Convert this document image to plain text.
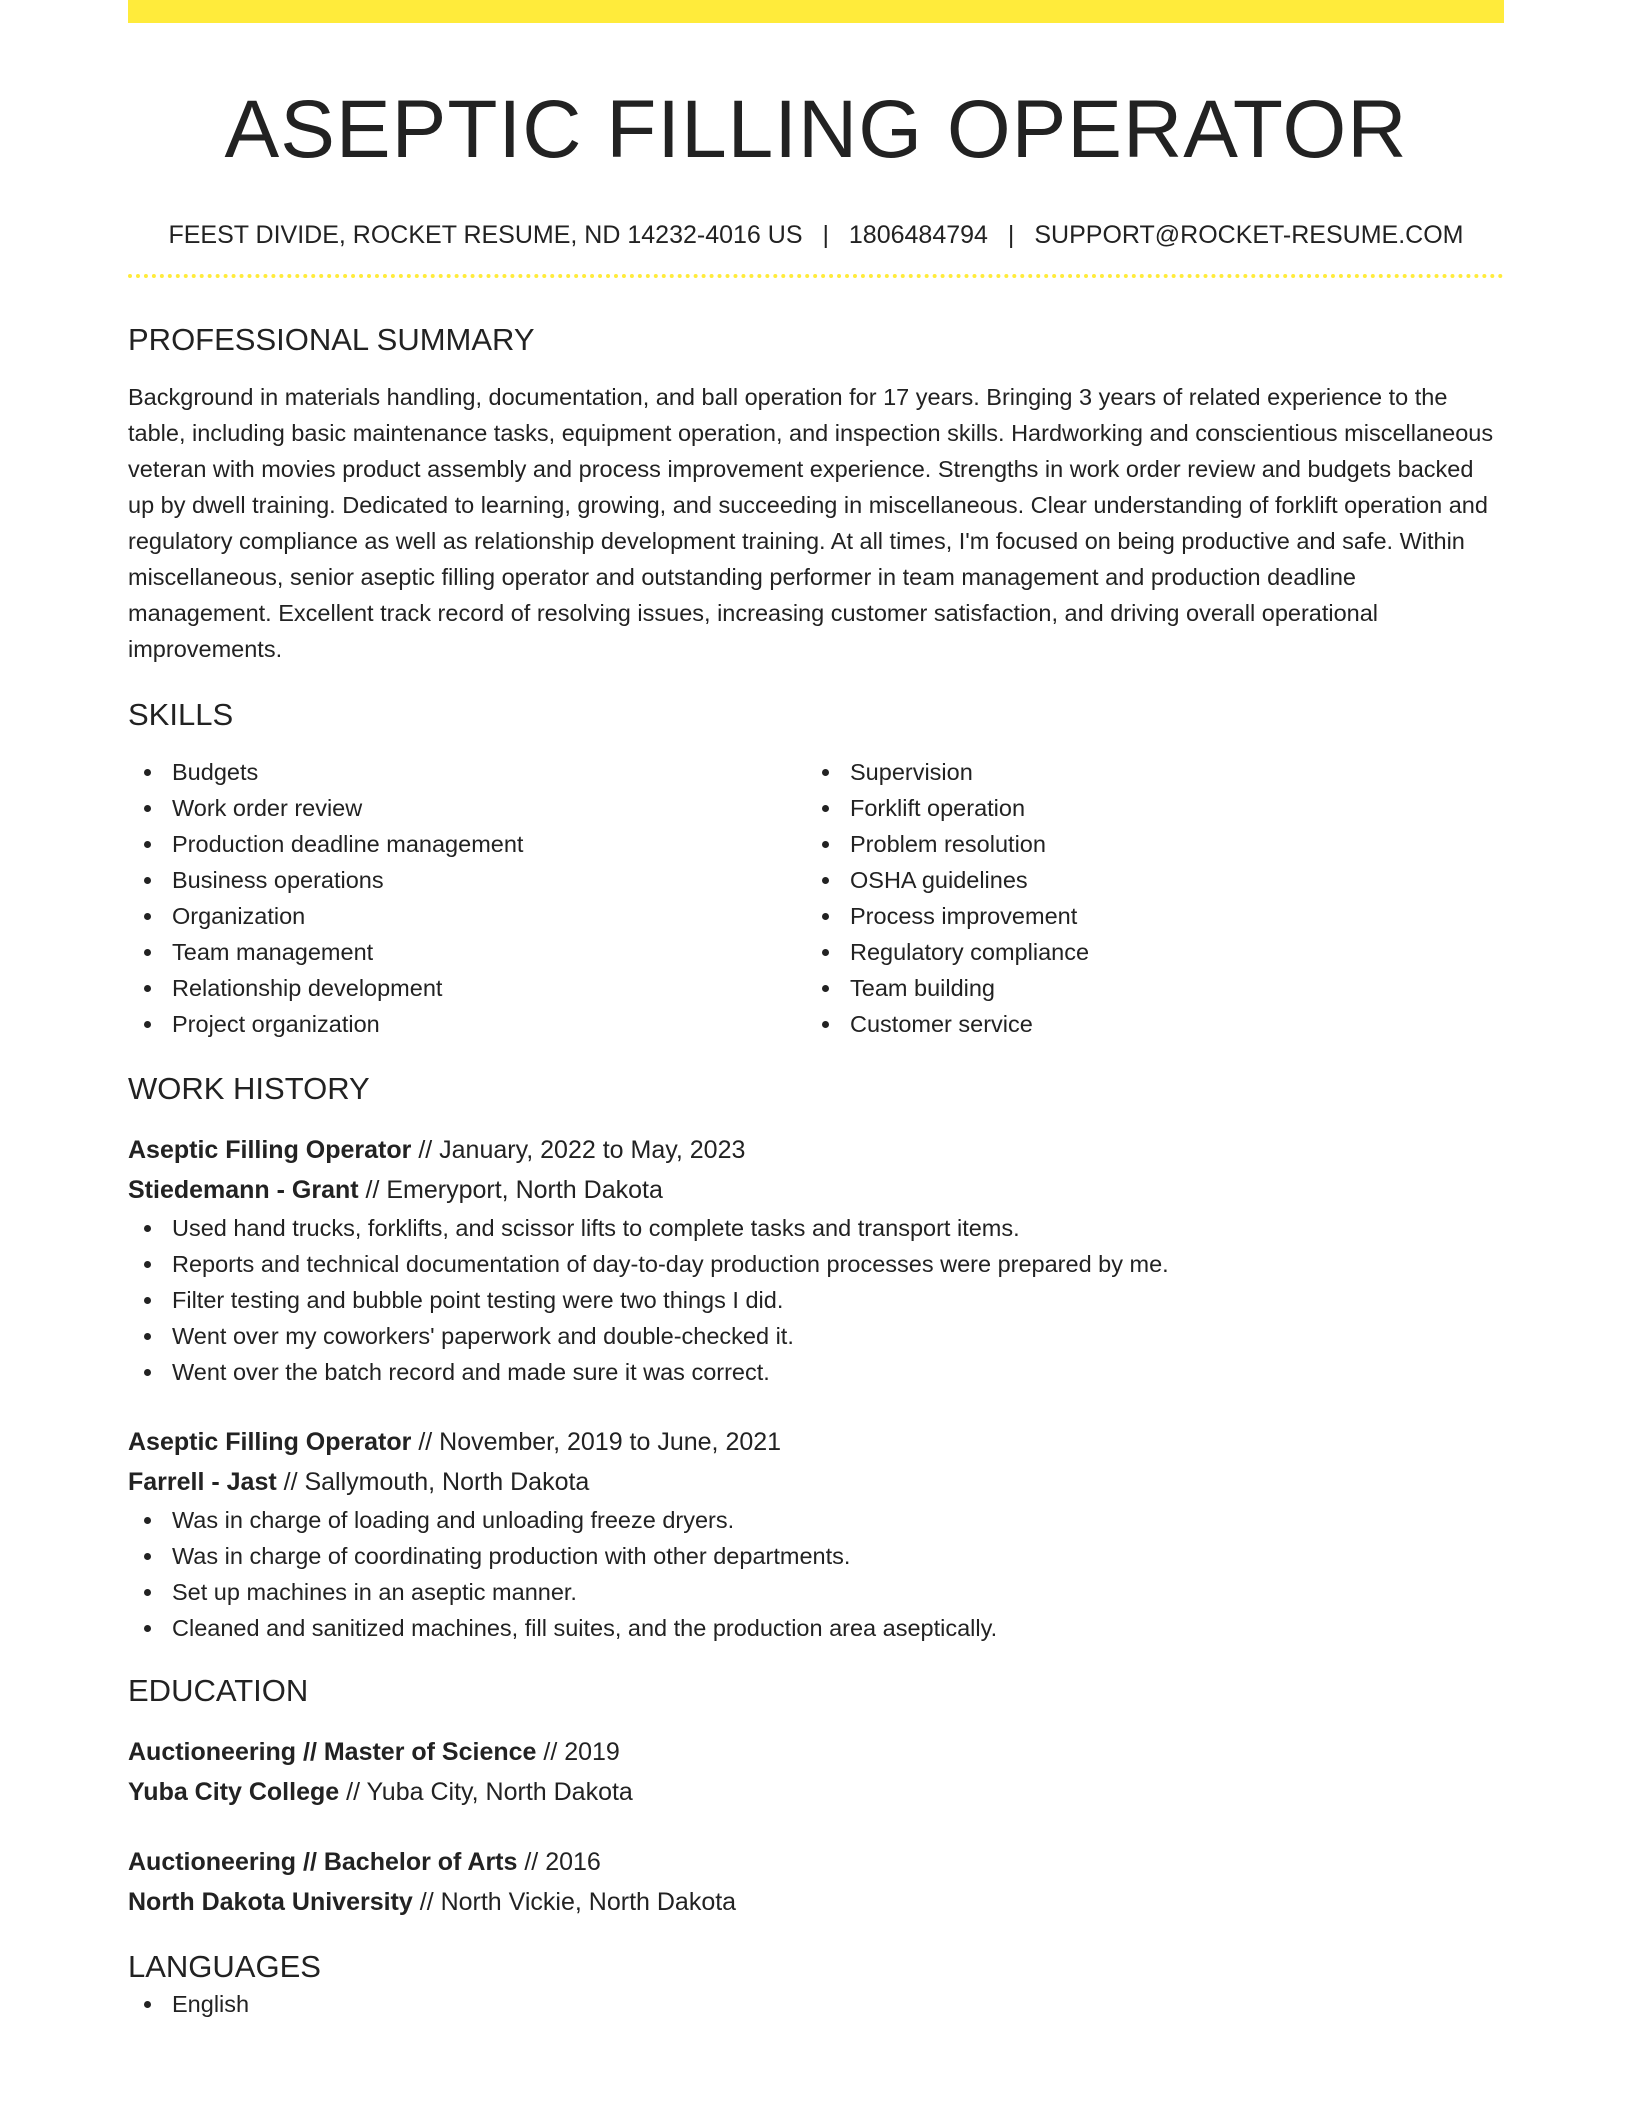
ASEPTIC FILLING OPERATOR
FEEST DIVIDE, ROCKET RESUME, ND 14232-4016 US | 1806484794 | SUPPORT@ROCKET-RESUME.COM
PROFESSIONAL SUMMARY

Background in materials handling, documentation, and ball operation for 17 years. Bringing 3 years of related experience to the table, including basic maintenance tasks, equipment operation, and inspection skills. Hardworking and conscientious miscellaneous veteran with movies product assembly and process improvement experience. Strengths in work order review and budgets backed up by dwell training. Dedicated to learning, growing, and succeeding in miscellaneous. Clear understanding of forklift operation and regulatory compliance as well as relationship development training. At all times, I'm focused on being productive and safe. Within miscellaneous, senior aseptic filling operator and outstanding performer in team management and production deadline management. Excellent track record of resolving issues, increasing customer satisfaction, and driving overall operational improvements.

SKILLS
Budgets
Work order review
Production deadline management
Business operations
Organization
Team management
Relationship development
Project organization
Supervision
Forklift operation
Problem resolution
OSHA guidelines
Process improvement
Regulatory compliance
Team building
Customer service
WORK HISTORY
Aseptic Filling Operator // January, 2022 to May, 2023
Stiedemann - Grant // Emeryport, North Dakota
Used hand trucks, forklifts, and scissor lifts to complete tasks and transport items.
Reports and technical documentation of day-to-day production processes were prepared by me.
Filter testing and bubble point testing were two things I did.
Went over my coworkers' paperwork and double-checked it.
Went over the batch record and made sure it was correct.
Aseptic Filling Operator // November, 2019 to June, 2021
Farrell - Jast // Sallymouth, North Dakota
Was in charge of loading and unloading freeze dryers.
Was in charge of coordinating production with other departments.
Set up machines in an aseptic manner.
Cleaned and sanitized machines, fill suites, and the production area aseptically.
EDUCATION
Auctioneering // Master of Science // 2019
Yuba City College // Yuba City, North Dakota
Auctioneering // Bachelor of Arts // 2016
North Dakota University // North Vickie, North Dakota
LANGUAGES
English
